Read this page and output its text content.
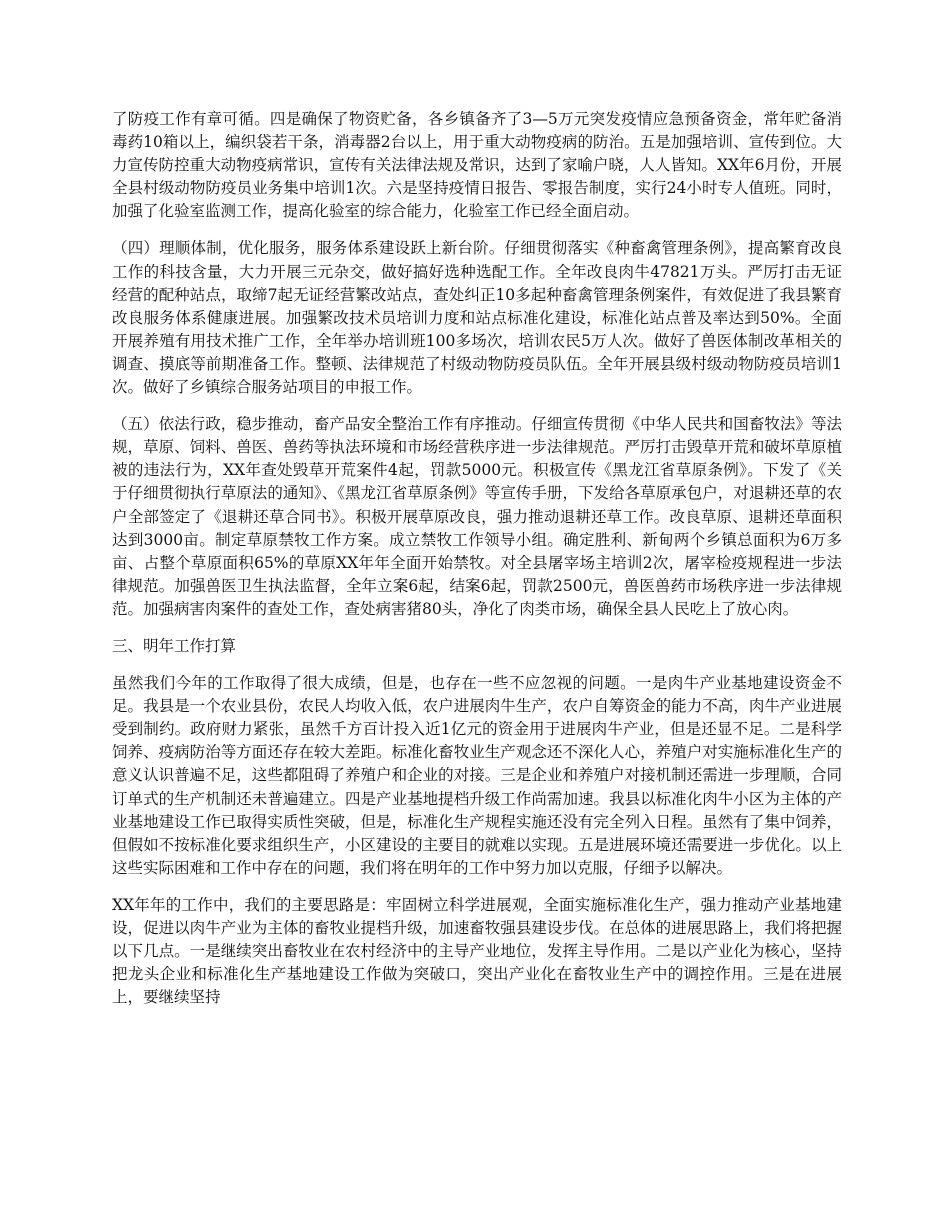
了防疫工作有章可循。四是确保了物资贮备，各乡镇备齐了3—5万元突发疫情应急预备资金，常年贮备消毒药10箱以上，编织袋若干条，消毒器2台以上，用于重大动物疫病的防治。五是加强培训、宣传到位。大力宣传防控重大动物疫病常识，宣传有关法律法规及常识，达到了家喻户晓，人人皆知。XX年6月份，开展全县村级动物防疫员业务集中培训1次。六是坚持疫情日报告、零报告制度，实行24小时专人值班。同时，加强了化验室监测工作，提高化验室的综合能力，化验室工作已经全面启动。

（四）理顺体制，优化服务，服务体系建设跃上新台阶。仔细贯彻落实《种畜禽管理条例》，提高繁育改良工作的科技含量，大力开展三元杂交，做好搞好选种选配工作。全年改良肉牛47821万头。严厉打击无证经营的配种站点，取缔7起无证经营繁改站点，查处纠正10多起种畜禽管理条例案件，有效促进了我县繁育改良服务体系健康进展。加强繁改技术员培训力度和站点标准化建设，标准化站点普及率达到50%。全面开展养殖有用技术推广工作，全年举办培训班100多场次，培训农民5万人次。做好了兽医体制改革相关的调查、摸底等前期准备工作。整顿、法律规范了村级动物防疫员队伍。全年开展县级村级动物防疫员培训1次。做好了乡镇综合服务站项目的申报工作。

（五）依法行政，稳步推动，畜产品安全整治工作有序推动。仔细宣传贯彻《中华人民共和国畜牧法》等法规，草原、饲料、兽医、兽药等执法环境和市场经营秩序进一步法律规范。严厉打击毁草开荒和破坏草原植被的违法行为，XX年查处毁草开荒案件4起，罚款5000元。积极宣传《黑龙江省草原条例》。下发了《关于仔细贯彻执行草原法的通知》、《黑龙江省草原条例》等宣传手册，下发给各草原承包户，对退耕还草的农户全部签定了《退耕还草合同书》。积极开展草原改良，强力推动退耕还草工作。改良草原、退耕还草面积达到3000亩。制定草原禁牧工作方案。成立禁牧工作领导小组。确定胜利、新甸两个乡镇总面积为6万多亩、占整个草原面积65%的草原XX年年全面开始禁牧。对全县屠宰场主培训2次，屠宰检疫规程进一步法律规范。加强兽医卫生执法监督，全年立案6起，结案6起，罚款2500元，兽医兽药市场秩序进一步法律规范。加强病害肉案件的查处工作，查处病害猪80头，净化了肉类市场，确保全县人民吃上了放心肉。

三、明年工作打算

虽然我们今年的工作取得了很大成绩，但是，也存在一些不应忽视的问题。一是肉牛产业基地建设资金不足。我县是一个农业县份，农民人均收入低，农户进展肉牛生产，农户自筹资金的能力不高，肉牛产业进展受到制约。政府财力紧张，虽然千方百计投入近1亿元的资金用于进展肉牛产业，但是还显不足。二是科学饲养、疫病防治等方面还存在较大差距。标准化畜牧业生产观念还不深化人心，养殖户对实施标准化生产的意义认识普遍不足，这些都阻碍了养殖户和企业的对接。三是企业和养殖户对接机制还需进一步理顺，合同订单式的生产机制还未普遍建立。四是产业基地提档升级工作尚需加速。我县以标准化肉牛小区为主体的产业基地建设工作已取得实质性突破，但是，标准化生产规程实施还没有完全列入日程。虽然有了集中饲养，但假如不按标准化要求组织生产，小区建设的主要目的就难以实现。五是进展环境还需要进一步优化。以上这些实际困难和工作中存在的问题，我们将在明年的工作中努力加以克服，仔细予以解决。

XX年年的工作中，我们的主要思路是：牢固树立科学进展观，全面实施标准化生产，强力推动产业基地建设，促进以肉牛产业为主体的畜牧业提档升级，加速畜牧强县建设步伐。在总体的进展思路上，我们将把握以下几点。一是继续突出畜牧业在农村经济中的主导产业地位，发挥主导作用。二是以产业化为核心，坚持把龙头企业和标准化生产基地建设工作做为突破口，突出产业化在畜牧业生产中的调控作用。三是在进展上，要继续坚持
